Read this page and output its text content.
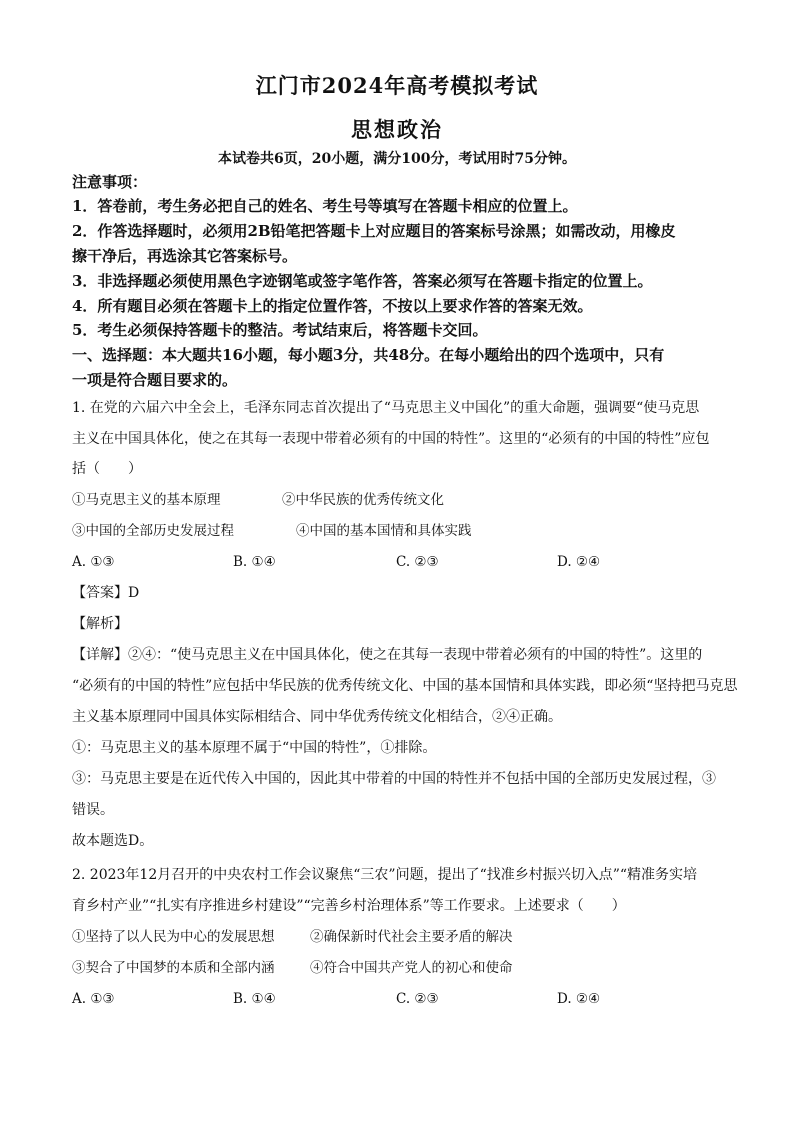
江门市2024年高考模拟考试
思想政治
本试卷共6页，20小题，满分100分，考试用时75分钟。
注意事项：
1．答卷前，考生务必把自己的姓名、考生号等填写在答题卡相应的位置上。
2．作答选择题时，必须用2B铅笔把答题卡上对应题目的答案标号涂黑；如需改动，用橡皮
擦干净后，再选涂其它答案标号。
3．非选择题必须使用黑色字迹钢笔或签字笔作答，答案必须写在答题卡指定的位置上。
4．所有题目必须在答题卡上的指定位置作答，不按以上要求作答的答案无效。
5．考生必须保持答题卡的整洁。考试结束后，将答题卡交回。
一、选择题：本大题共16小题，每小题3分，共48分。在每小题给出的四个选项中，只有
一项是符合题目要求的。
1. 在党的六届六中全会上，毛泽东同志首次提出了“马克思主义中国化”的重大命题，强调要“使马克思
主义在中国具体化，使之在其每一表现中带着必须有的中国的特性”。这里的“必须有的中国的特性”应包
括（　　）
①马克思主义的基本原理	②中华民族的优秀传统文化
③中国的全部历史发展过程	④中国的基本国情和具体实践
A. ①③	B. ①④	C. ②③	D. ②④
【答案】D
【解析】
【详解】②④：“使马克思主义在中国具体化，使之在其每一表现中带着必须有的中国的特性”。这里的
“必须有的中国的特性”应包括中华民族的优秀传统文化、中国的基本国情和具体实践，即必须“坚持把马克思
主义基本原理同中国具体实际相结合、同中华优秀传统文化相结合，②④正确。
①：马克思主义的基本原理不属于“中国的特性”，①排除。
③：马克思主要是在近代传入中国的，因此其中带着的中国的特性并不包括中国的全部历史发展过程，③
错误。
故本题选D。
2. 2023年12月召开的中央农村工作会议聚焦“三农”问题，提出了“找准乡村振兴切入点”“精准务实培
育乡村产业”“扎实有序推进乡村建设”“完善乡村治理体系”等工作要求。上述要求（　　）
①坚持了以人民为中心的发展思想	②确保新时代社会主要矛盾的解决
③契合了中国梦的本质和全部内涵	④符合中国共产党人的初心和使命
A. ①③	B. ①④	C. ②③	D. ②④
